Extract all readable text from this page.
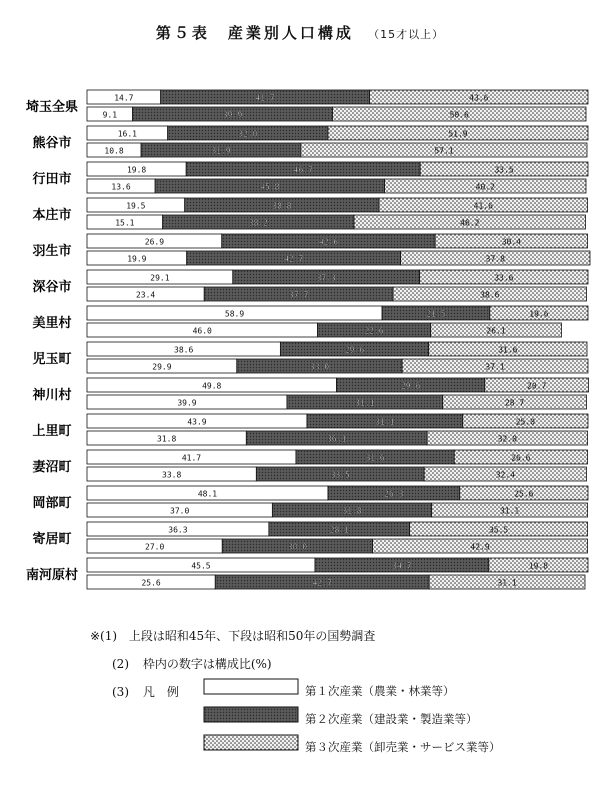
第５表　産業別人口構成 （15才以上）
埼玉全県
14.7	41.7	43.6
9.1	39.9	50.6
熊谷市
16.1	32.0	51.9
10.8	31.9	57.1
行田市
19.8	46.7	33.5
13.6	45.8	40.2
本庄市
19.5	38.8	41.6
15.1	38.2	46.2
羽生市
26.9	42.6	30.4
19.9	42.7	37.8
深谷市
29.1	37.3	33.6
23.4	37.7	38.6
美里村
58.9	21.5	19.6
46.0	22.6	26.1
児玉町
38.6	29.6	31.6
29.9	33.0	37.1
神川村
49.8	29.6	20.7
39.9	31.1	28.7
上里町
43.9	31.1	25.0
31.8	36.1	32.0
妻沼町
41.7	31.6	26.6
33.8	33.5	32.4
岡部町
48.1	26.3	25.6
37.0	31.8	31.1
寄居町
36.3	28.1	35.5
27.0	30.0	42.9
南河原村
45.5	34.7	19.8
25.6	42.7	31.1
※(1) 上段は昭和45年、下段は昭和50年の国勢調査
(2) 枠内の数字は構成比(%)
(3) 凡　例	第１次産業（農業・林業等）
第２次産業（建設業・製造業等）
第３次産業（卸売業・サービス業等）
